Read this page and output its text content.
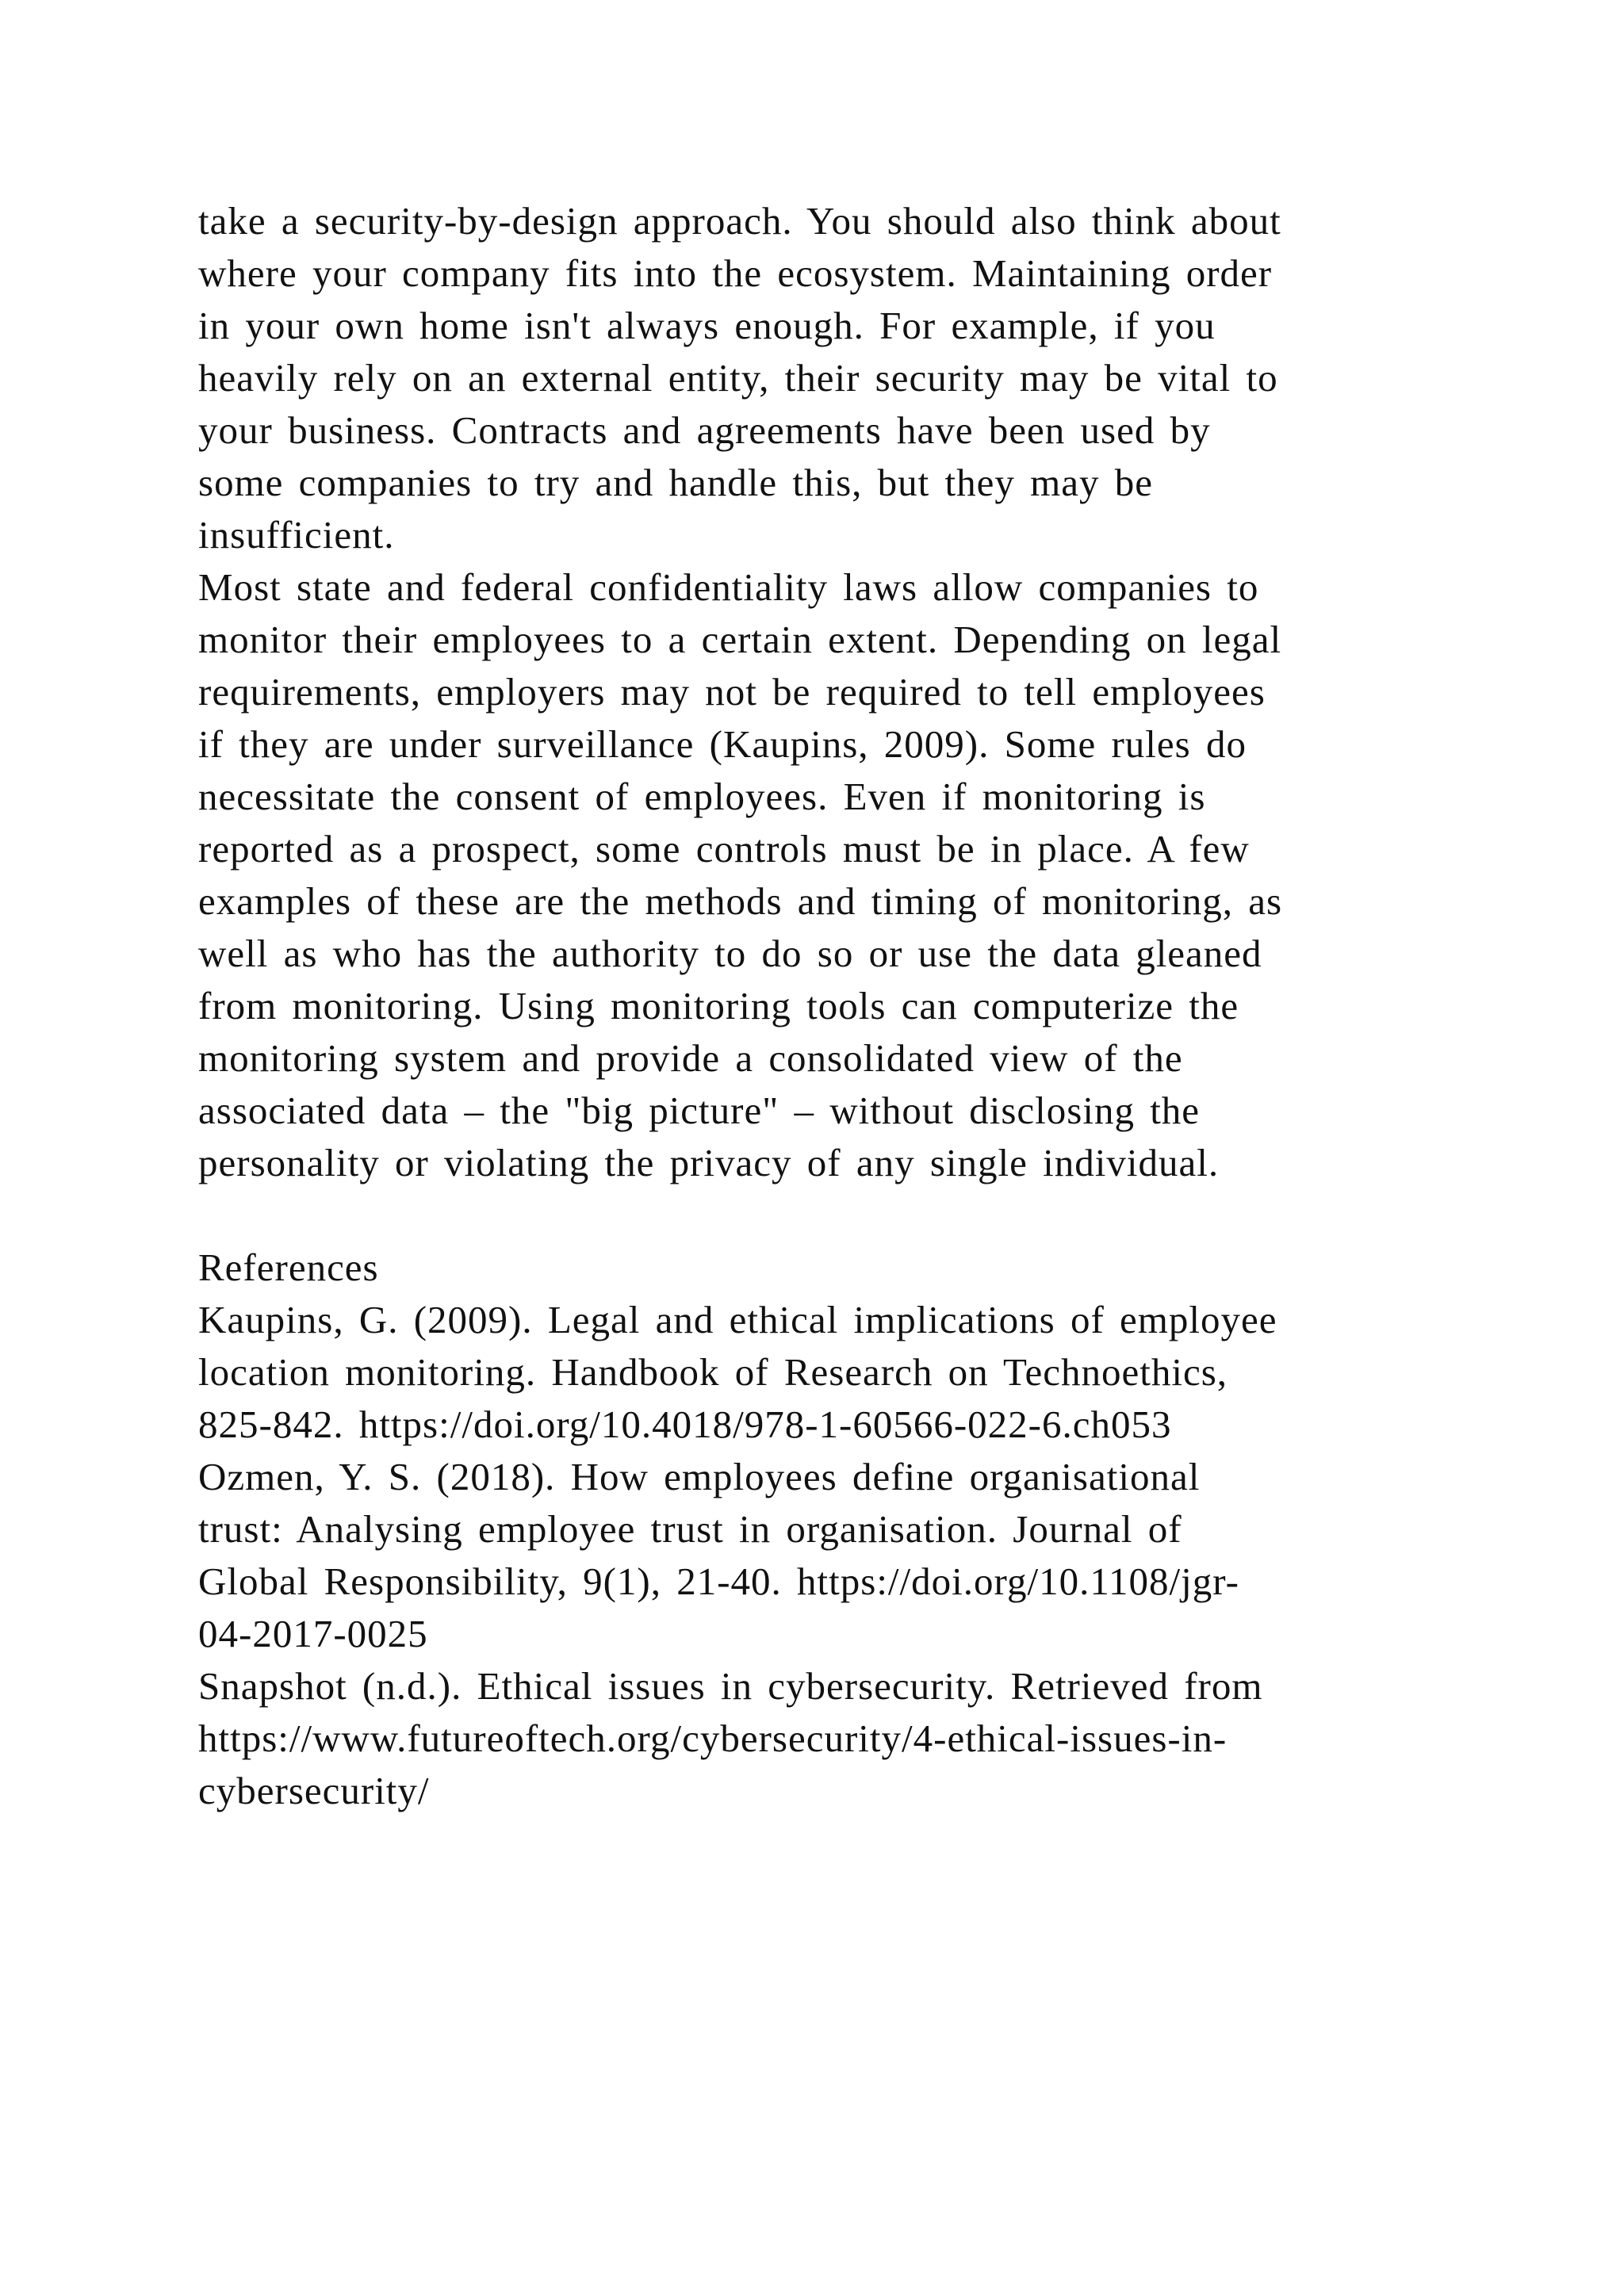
take a security-by-design approach. You should also think about
where your company fits into the ecosystem. Maintaining order
in your own home isn't always enough. For example, if you
heavily rely on an external entity, their security may be vital to
your business. Contracts and agreements have been used by
some companies to try and handle this, but they may be
insufficient.
Most state and federal confidentiality laws allow companies to
monitor their employees to a certain extent. Depending on legal
requirements, employers may not be required to tell employees
if they are under surveillance (Kaupins, 2009). Some rules do
necessitate the consent of employees. Even if monitoring is
reported as a prospect, some controls must be in place. A few
examples of these are the methods and timing of monitoring, as
well as who has the authority to do so or use the data gleaned
from monitoring. Using monitoring tools can computerize the
monitoring system and provide a consolidated view of the
associated data – the "big picture" – without disclosing the
personality or violating the privacy of any single individual.
References
Kaupins, G. (2009). Legal and ethical implications of employee
location monitoring. Handbook of Research on Technoethics,
825-842. https://doi.org/10.4018/978-1-60566-022-6.ch053
Ozmen, Y. S. (2018). How employees define organisational
trust: Analysing employee trust in organisation. Journal of
Global Responsibility, 9(1), 21-40. https://doi.org/10.1108/jgr-
04-2017-0025
Snapshot (n.d.). Ethical issues in cybersecurity. Retrieved from
https://www.futureoftech.org/cybersecurity/4-ethical-issues-in-
cybersecurity/
